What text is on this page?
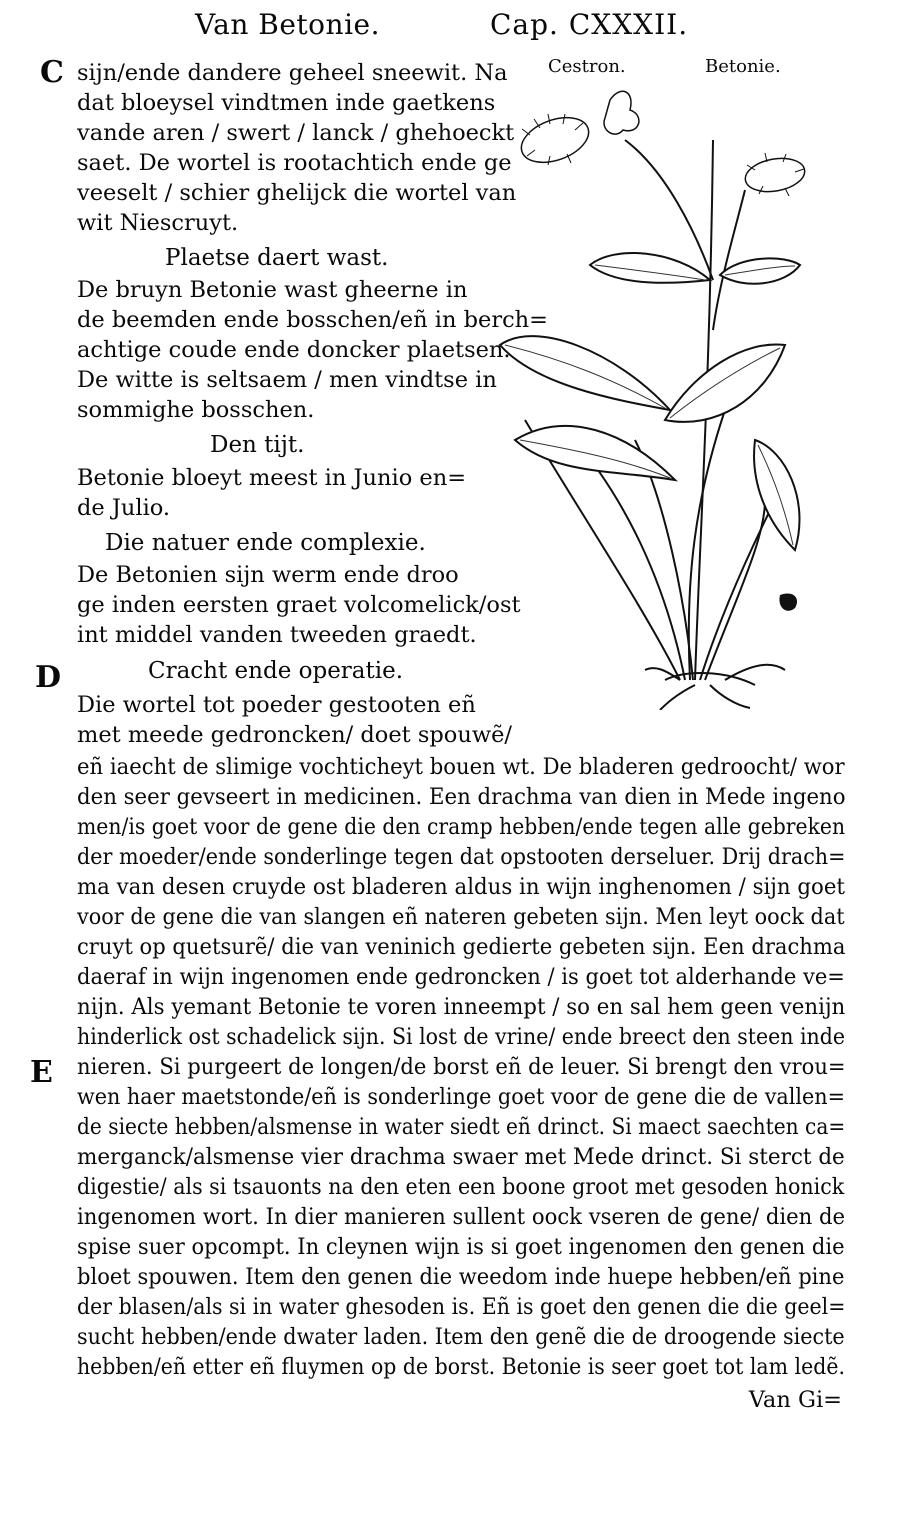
Van Betonie.	Cap. CXXXII.
Cestron.	Betonie.
C
D
E
sijn/ende dandere geheel sneewit. Na
dat bloeysel vindtmen inde gaetkens
vande aren / swert / lanck / ghehoeckt
saet. De wortel is rootachtich ende ge
veeselt / schier ghelijck die wortel van
wit Niescruyt.
Plaetse daert wast.
De bruyn Betonie wast gheerne in
de beemden ende bosschen/eñ in berch=
achtige coude ende doncker plaetsen.
De witte is seltsaem / men vindtse in
sommighe bosschen.
Den tijt.
Betonie bloeyt meest in Junio en=
de Julio.
Die natuer ende complexie.
De Betonien sijn werm ende droo
ge inden eersten graet volcomelick/ost
int middel vanden tweeden graedt.
Cracht ende operatie.
Die wortel tot poeder gestooten eñ
met meede gedroncken/ doet spouwẽ/
eñ iaecht de slimige vochticheyt bouen wt. De bladeren gedroocht/ wor
den seer gevseert in medicinen. Een drachma van dien in Mede ingeno
men/is goet voor de gene die den cramp hebben/ende tegen alle gebreken
der moeder/ende sonderlinge tegen dat opstooten derseluer. Drij drach=
ma van desen cruyde ost bladeren aldus in wijn inghenomen / sijn goet
voor de gene die van slangen eñ nateren gebeten sijn. Men leyt oock dat
cruyt op quetsurẽ/ die van veninich gedierte gebeten sijn. Een drachma
daeraf in wijn ingenomen ende gedroncken / is goet tot alderhande ve=
nijn. Als yemant Betonie te voren inneempt / so en sal hem geen venijn
hinderlick ost schadelick sijn. Si lost de vrine/ ende breect den steen inde
nieren. Si purgeert de longen/de borst eñ de leuer. Si brengt den vrou=
wen haer maetstonde/eñ is sonderlinge goet voor de gene die de vallen=
de siecte hebben/alsmense in water siedt eñ drinct. Si maect saechten ca=
merganck/alsmense vier drachma swaer met Mede drinct. Si sterct de
digestie/ als si tsauonts na den eten een boone groot met gesoden honick
ingenomen wort. In dier manieren sullent oock vseren de gene/ dien de
spise suer opcompt. In cleynen wijn is si goet ingenomen den genen die
bloet spouwen. Item den genen die weedom inde huepe hebben/eñ pine
der blasen/als si in water ghesoden is. Eñ is goet den genen die die geel=
sucht hebben/ende dwater laden. Item den genẽ die de droogende siecte
hebben/eñ etter eñ fluymen op de borst. Betonie is seer goet tot lam ledẽ.
Van Gi=
